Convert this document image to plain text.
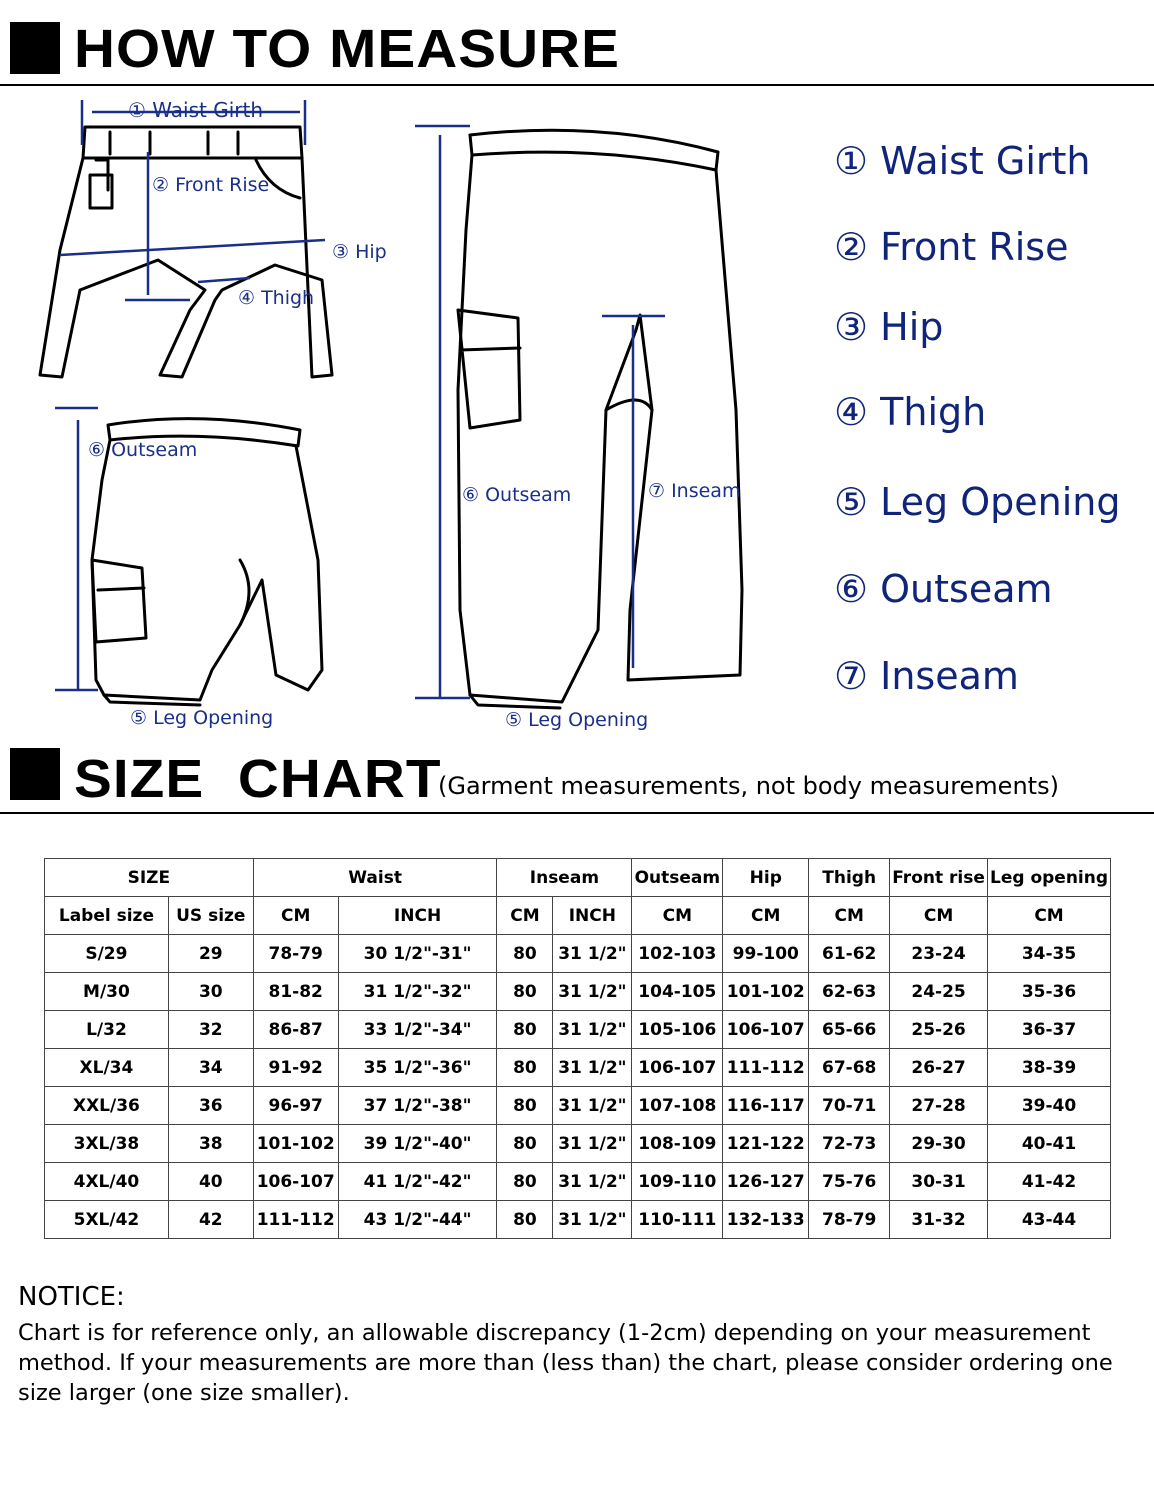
HOW TO MEASURE
① Waist Girth
② Front Rise
③ Hip
④ Thigh
⑥ Outseam
⑥ Outseam	⑦ Inseam
⑤ Leg Opening	⑤ Leg Opening
① Waist Girth
② Front Rise
③ Hip
④ Thigh
⑤ Leg Opening
⑥ Outseam
⑦ Inseam
SIZE  CHART
(Garment measurements, not body measurements)
SIZE		Waist		Inseam		Outseam	Hip	Thigh	Front rise	Leg opening
Label size	US size	CM	INCH	CM	INCH	CM	CM	CM	CM	CM
S/29	29	78-79	30 1/2"-31"	80	31 1/2"	102-103	99-100	61-62	23-24	34-35
M/30	30	81-82	31 1/2"-32"	80	31 1/2"	104-105	101-102	62-63	24-25	35-36
L/32	32	86-87	33 1/2"-34"	80	31 1/2"	105-106	106-107	65-66	25-26	36-37
XL/34	34	91-92	35 1/2"-36"	80	31 1/2"	106-107	111-112	67-68	26-27	38-39
XXL/36	36	96-97	37 1/2"-38"	80	31 1/2"	107-108	116-117	70-71	27-28	39-40
3XL/38	38	101-102	39 1/2"-40"	80	31 1/2"	108-109	121-122	72-73	29-30	40-41
4XL/40	40	106-107	41 1/2"-42"	80	31 1/2"	109-110	126-127	75-76	30-31	41-42
5XL/42	42	111-112	43 1/2"-44"	80	31 1/2"	110-111	132-133	78-79	31-32	43-44
NOTICE:
Chart is for reference only, an allowable discrepancy (1-2cm) depending on your measurement method. If your measurements are more than (less than) the chart, please consider ordering one size larger (one size smaller).
